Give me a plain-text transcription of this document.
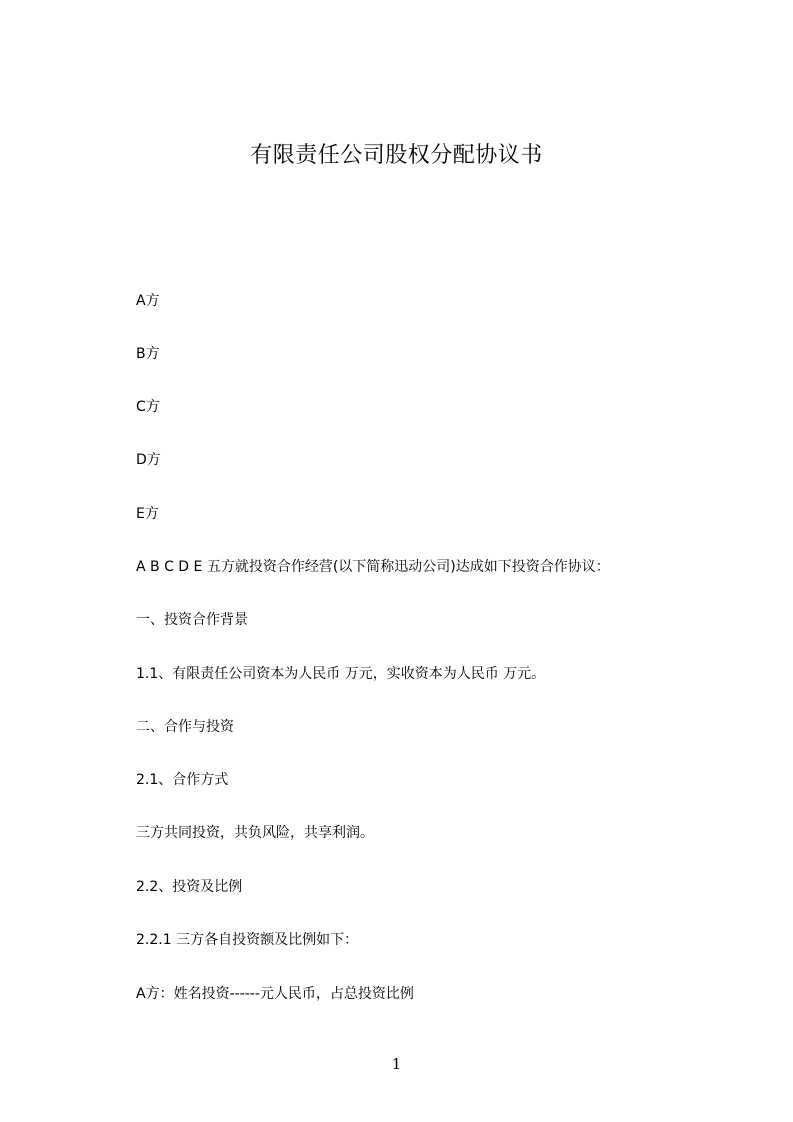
有限责任公司股权分配协议书
A方
B方
C方
D方
E方
A B C D E 五方就投资合作经营(以下简称迅动公司)达成如下投资合作协议：
一、投资合作背景
1.1、有限责任公司资本为人民币 万元，实收资本为人民币 万元。
二、合作与投资
2.1、合作方式
三方共同投资，共负风险，共享利润。
2.2、投资及比例
2.2.1 三方各自投资额及比例如下：
A方：姓名投资------元人民币，占总投资比例
1
